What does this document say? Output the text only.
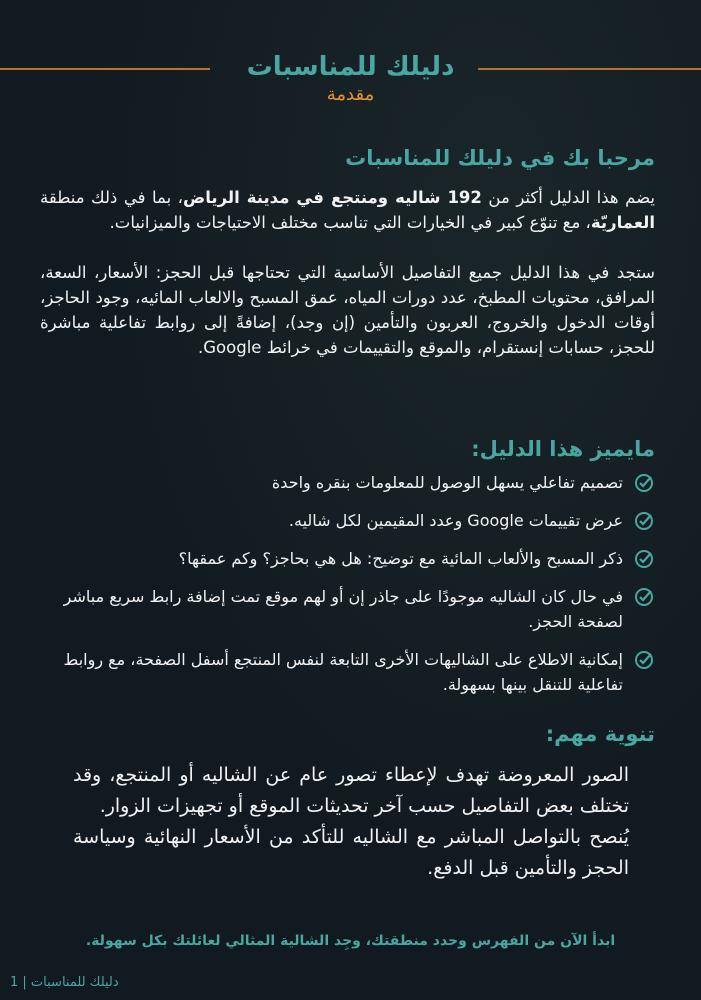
دليلك للمناسبات
مقدمة
مرحبا بك في دليلك للمناسبات
يضم هذا الدليل أكثر من 192 شاليه ومنتجع في مدينة الرياض، بما في ذلك منطقة العماريّة، مع تنوّع كبير في الخيارات التي تناسب مختلف الاحتياجات والميزانيات.
ستجد في هذا الدليل جميع التفاصيل الأساسية التي تحتاجها قبل الحجز: الأسعار، السعة، المرافق، محتويات المطبخ، عدد دورات المياه، عمق المسبح والالعاب المائيه، وجود الحاجز، أوقات الدخول والخروج، العربون والتأمين (إن وجد)، إضافةً إلى روابط تفاعلية مباشرة للحجز، حسابات إنستقرام، والموقع والتقييمات في خرائط Google.
مايميز هذا الدليل:
تصميم تفاعلي يسهل الوصول للمعلومات بنقره واحدة
عرض تقييمات Google وعدد المقيمين لكل شاليه.
ذكر المسبح والألعاب المائية مع توضيح: هل هي بحاجز؟ وكم عمقها؟
في حال كان الشاليه موجودًا على جاذر إن أو لهم موقع تمت إضافة رابط سريع مباشر لصفحة الحجز.
إمكانية الاطلاع على الشاليهات الأخرى التابعة لنفس المنتجع أسفل الصفحة، مع روابط تفاعلية للتنقل بينها بسهولة.
تنوية مهم:
الصور المعروضة تهدف لإعطاء تصور عام عن الشاليه أو المنتجع، وقد تختلف بعض التفاصيل حسب آخر تحديثات الموقع أو تجهيزات الزوار.
يُنصح بالتواصل المباشر مع الشاليه للتأكد من الأسعار النهائية وسياسة الحجز والتأمين قبل الدفع.
ابدأ الآن من الفهرس وحدد منطقتك، وجِد الشالية المثالي لعائلتك بكل سهولة.
دليلك للمناسبات | 1
